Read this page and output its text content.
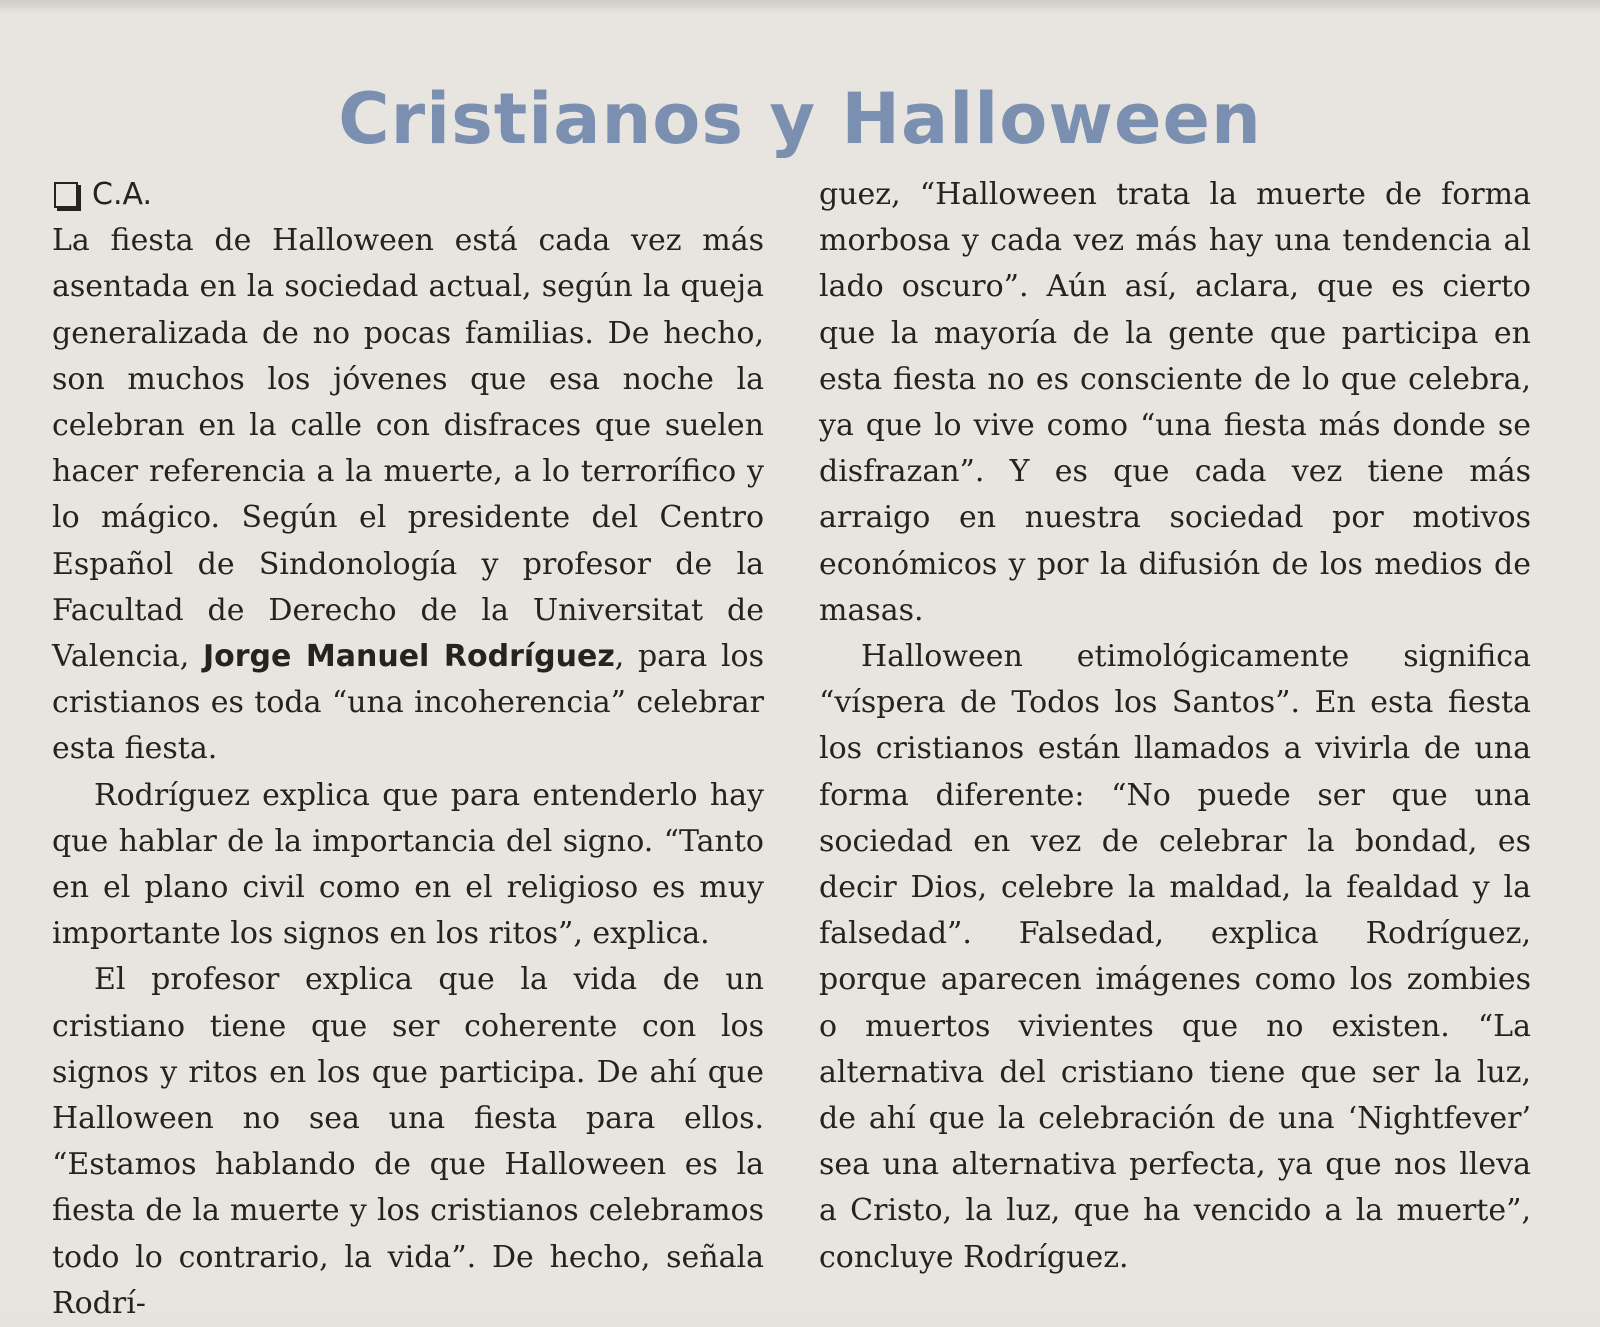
Cristianos y Halloween
C.A.

La fiesta de Halloween está cada vez más asentada en la sociedad actual, según la queja generalizada de no pocas familias. De hecho, son muchos los jóvenes que esa noche la celebran en la calle con disfraces que suelen hacer referencia a la muerte, a lo terrorífico y lo mágico. Según el presidente del Centro Español de Sindonología y profesor de la Facultad de Derecho de la Universitat de Valencia, Jorge Manuel Rodríguez, para los cristianos es toda “una incoherencia” celebrar esta fiesta.

Rodríguez explica que para entenderlo hay que hablar de la importancia del signo. “Tanto en el plano civil como en el religioso es muy importante los signos en los ritos”, explica.

El profesor explica que la vida de un cristiano tiene que ser coherente con los signos y ritos en los que participa. De ahí que Halloween no sea una fiesta para ellos. “Estamos hablando de que Halloween es la fiesta de la muerte y los cristianos celebramos todo lo contrario, la vida”. De hecho, señala Rodrí-

guez, “Halloween trata la muerte de forma morbosa y cada vez más hay una tendencia al lado oscuro”. Aún así, aclara, que es cierto que la mayoría de la gente que participa en esta fiesta no es consciente de lo que celebra, ya que lo vive como “una fiesta más donde se disfrazan”. Y es que cada vez tiene más arraigo en nuestra sociedad por motivos económicos y por la difusión de los medios de masas.

Halloween etimológicamente significa “víspera de Todos los Santos”. En esta fiesta los cristianos están llamados a vivirla de una forma diferente: “No puede ser que una sociedad en vez de celebrar la bondad, es decir Dios, celebre la maldad, la fealdad y la falsedad”. Falsedad, explica Rodríguez, porque aparecen imágenes como los zombies o muertos vivientes que no existen. “La alternativa del cristiano tiene que ser la luz, de ahí que la celebración de una ‘Nightfever’ sea una alternativa perfecta, ya que nos lleva a Cristo, la luz, que ha vencido a la muerte”, concluye Rodríguez.
